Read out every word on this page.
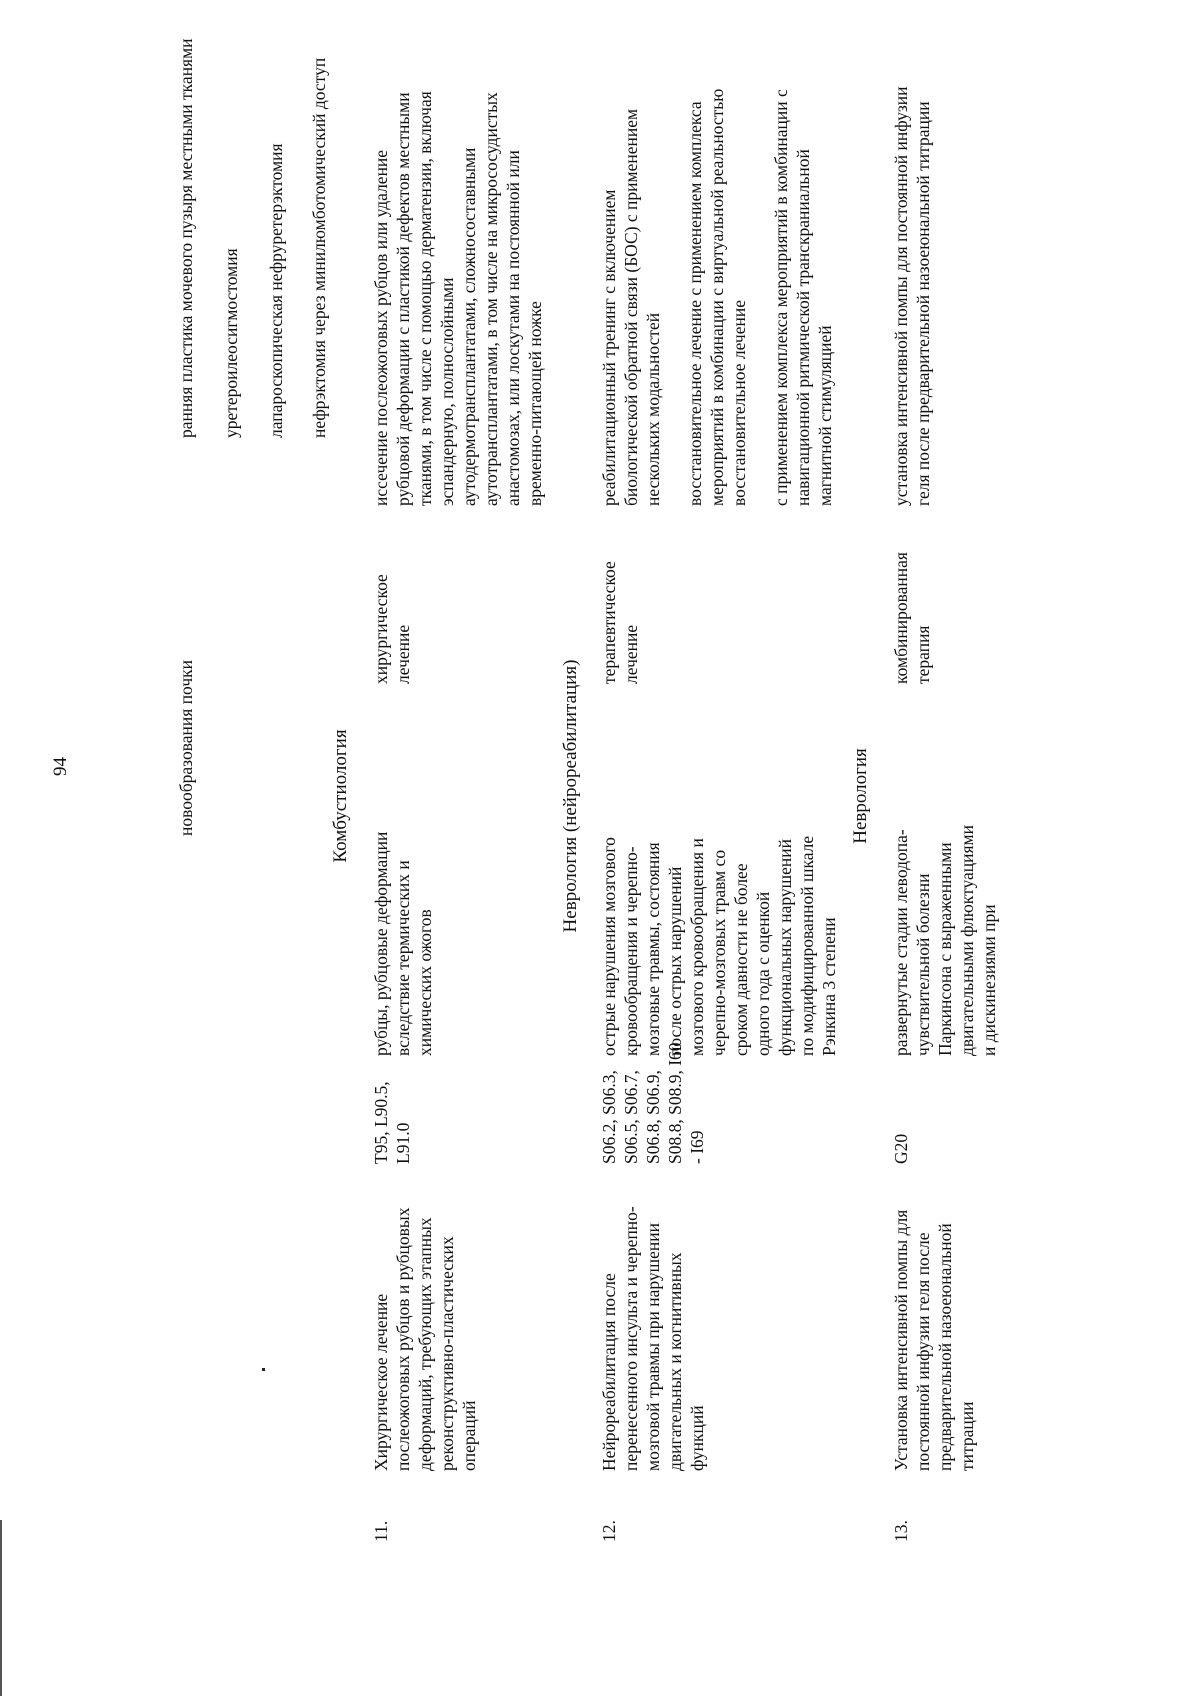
94	новообразования почки
ранняя пластика мочевого пузыря местными тканями уретероилеосигмостомия лапароскопическая нефруретерэктомия нефрэктомия через минилюмботомический доступ
Комбустиология
11.
Хирургическое лечение послеожоговых рубцов и рубцовых деформаций, требующих этапных реконструктивно-пластических операций
T95, L90.5, L91.0
рубцы, рубцовые деформации вследствие термических и химических ожогов
хирургическое лечение
иссечение послеожоговых рубцов или удаление рубцовой деформации с пластикой дефектов местными тканями, в том числе с помощью дерматензии, включая эспандерную, полнослойными аутодермотрансплантатами, сложносоставными аутотрансплантатами, в том числе на микрососудистых анастомозах, или лоскутами на постоянной или временно-питающей ножке
Неврология (нейрореабилитация)
12.
Нейрореабилитация после перенесенного инсульта и черепно- мозговой травмы при нарушении двигательных и когнитивных функций
S06.2, S06.3, S06.5, S06.7, S06.8, S06.9, S08.8, S08.9, I60 - I69
острые нарушения мозгового кровообращения и черепно- мозговые травмы, состояния после острых нарушений мозгового кровообращения и черепно-мозговых травм со сроком давности не более одного года с оценкой функциональных нарушений по модифицированной шкале Рэнкина 3 степени
терапевтическое лечение
реабилитационный тренинг с включением биологической обратной связи (БОС) с применением нескольких модальностей восстановительное лечение с применением комплекса мероприятий в комбинации с виртуальной реальностью восстановительное лечение с применением комплекса мероприятий в комбинации с навигационной ритмической транскраниальной магнитной стимуляцией
Неврология
13.
Установка интенсивной помпы для постоянной инфузии геля после предварительной назоеюнальной титрации
G20
развернутые стадии леводопа- чувствительной болезни Паркинсона с выраженными двигательными флюктуациями и дискинезиями при
комбинированная терапия
установка интенсивной помпы для постоянной инфузии геля после предварительной назоеюнальной титрации
